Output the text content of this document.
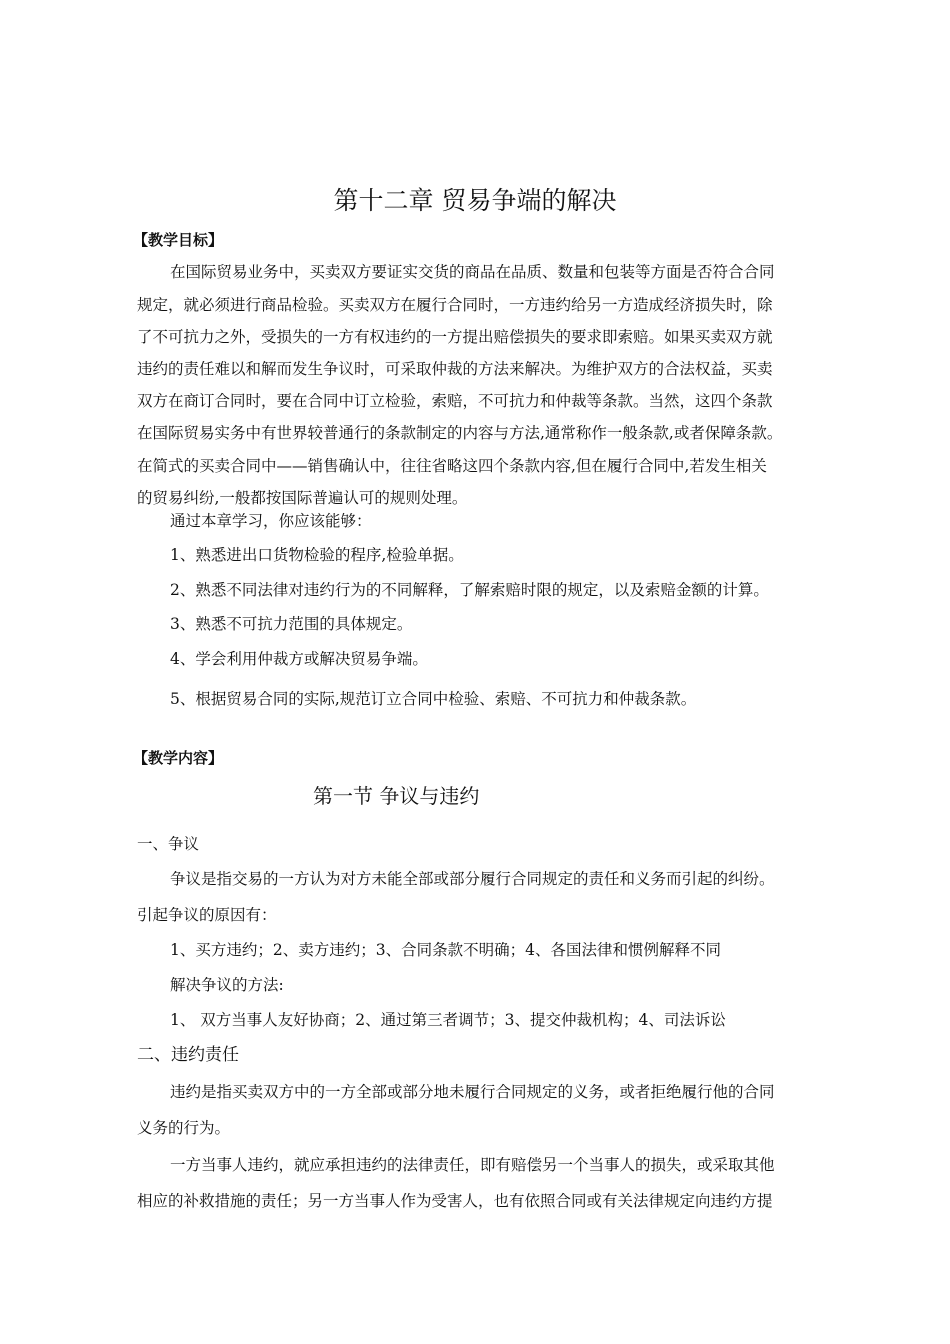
第十二章 贸易争端的解决
【教学目标】
在国际贸易业务中，买卖双方要证实交货的商品在品质、数量和包装等方面是否符合合同
规定，就必须进行商品检验。买卖双方在履行合同时，一方违约给另一方造成经济损失时，除
了不可抗力之外，受损失的一方有权违约的一方提出赔偿损失的要求即索赔。如果买卖双方就
违约的责任难以和解而发生争议时，可采取仲裁的方法来解决。为维护双方的合法权益，买卖
双方在商订合同时，要在合同中订立检验，索赔，不可抗力和仲裁等条款。当然，这四个条款
在国际贸易实务中有世界较普通行的条款制定的内容与方法,通常称作一般条款,或者保障条款。
在简式的买卖合同中——销售确认中，往往省略这四个条款内容,但在履行合同中,若发生相关
的贸易纠纷,一般都按国际普遍认可的规则处理。
通过本章学习，你应该能够：
1、熟悉进出口货物检验的程序,检验单据。
2、熟悉不同法律对违约行为的不同解释，了解索赔时限的规定，以及索赔金额的计算。
3、熟悉不可抗力范围的具体规定。
4、学会利用仲裁方或解决贸易争端。
5、根据贸易合同的实际,规范订立合同中检验、索赔、不可抗力和仲裁条款。
【教学内容】
第一节 争议与违约
一、争议
争议是指交易的一方认为对方未能全部或部分履行合同规定的责任和义务而引起的纠纷。
引起争议的原因有：
1、买方违约；2、卖方违约；3、合同条款不明确；4、各国法律和惯例解释不同
解决争议的方法:
1、 双方当事人友好协商；2、通过第三者调节；3、提交仲裁机构；4、司法诉讼
二、违约责任
违约是指买卖双方中的一方全部或部分地未履行合同规定的义务，或者拒绝履行他的合同
义务的行为。
一方当事人违约，就应承担违约的法律责任，即有赔偿另一个当事人的损失，或采取其他
相应的补救措施的责任；另一方当事人作为受害人，也有依照合同或有关法律规定向违约方提
